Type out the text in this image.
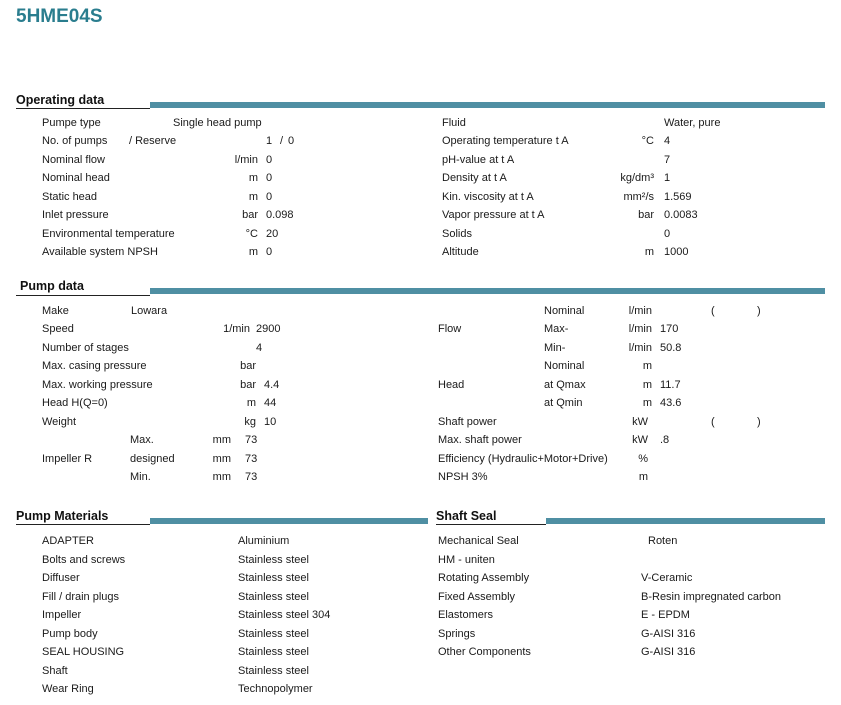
5HME04S
Operating data
Pumpe type	Single head pump
No. of pumps / Reserve	1 / 0
Nominal flow	l/min 0
Nominal head	m 0
Static head	m 0
Inlet pressure	bar 0.098
Environmental temperature	°C 20
Available system NPSH	m 0
Fluid	Water, pure
Operating temperature t A	°C 4
pH-value at t A	7
Density at t A	kg/dm³ 1
Kin. viscosity at t A	mm²/s 1.569
Vapor pressure at t A	bar 0.0083
Solids	0
Altitude	m 1000
Pump data
Make	Lowara
Speed	1/min 2900
Number of stages	4
Max. casing pressure	bar
Max. working pressure	bar 4.4
Head H(Q=0)	m 44
Weight	kg 10
Max.	mm 73
Impeller R	designed	mm 73
Min.	mm 73
Nominal	l/min	(	)
Flow	Max-	l/min 170
Min-	l/min 50.8
Nominal	m
Head	at Qmax	m 11.7
at Qmin	m 43.6
Shaft power	kW	(	)
Max. shaft power	kW .8
Efficiency (Hydraulic+Motor+Drive)	%
NPSH 3%	m
Pump Materials
ADAPTER	Aluminium
Bolts and screws	Stainless steel
Diffuser	Stainless steel
Fill / drain plugs	Stainless steel
Impeller	Stainless steel 304
Pump body	Stainless steel
SEAL HOUSING	Stainless steel
Shaft	Stainless steel
Wear Ring	Technopolymer
Shaft Seal
Mechanical Seal	Roten
HM - uniten
Rotating Assembly	V-Ceramic
Fixed Assembly	B-Resin impregnated carbon
Elastomers	E - EPDM
Springs	G-AISI 316
Other Components	G-AISI 316
